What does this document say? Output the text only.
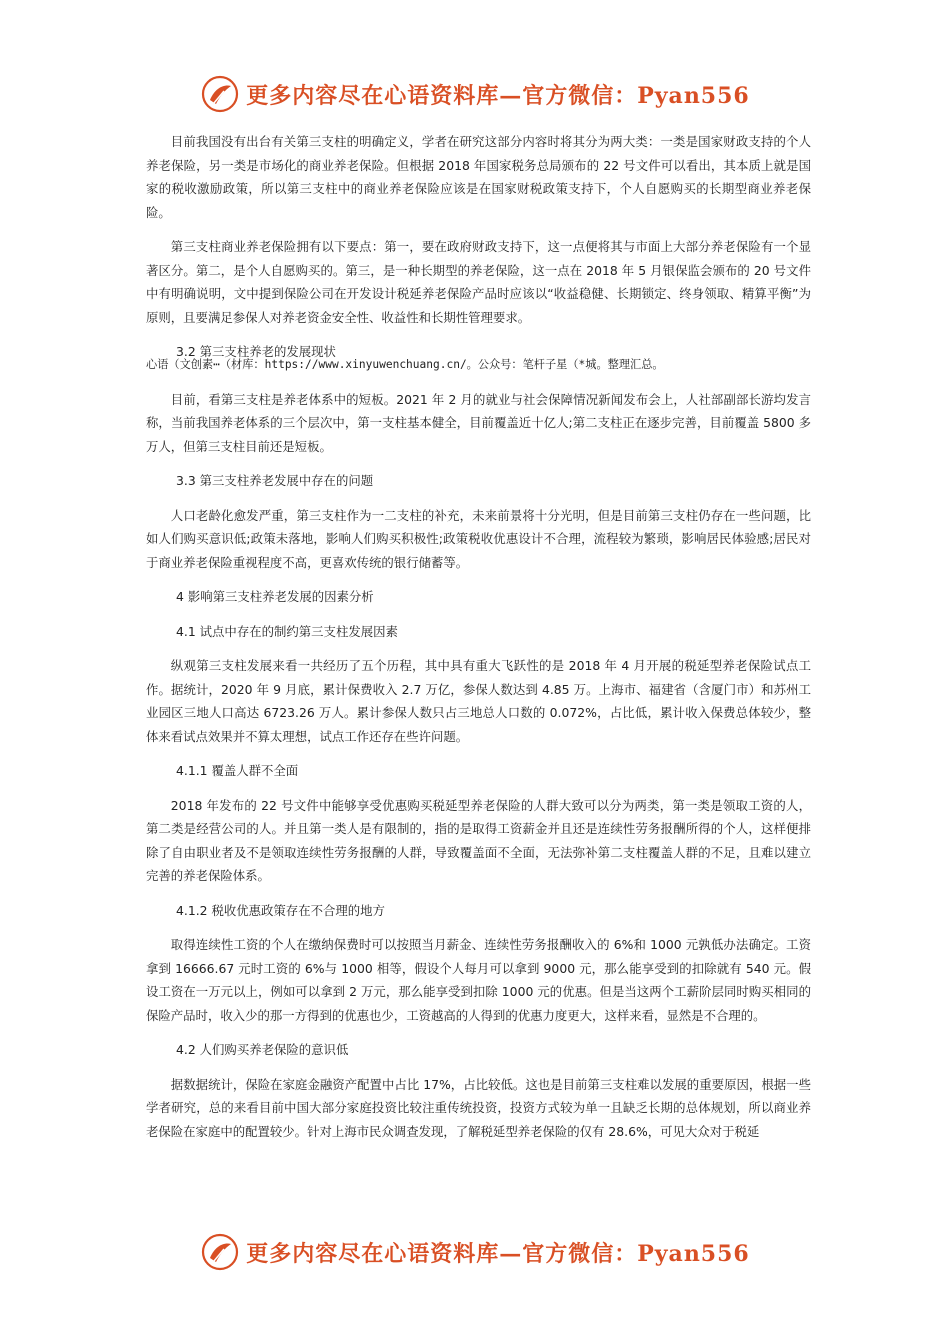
更多内容尽在心语资料库—官方微信：Pyan556

目前我国没有出台有关第三支柱的明确定义，学者在研究这部分内容时将其分为两大类：一类是国家财政支持的个人养老保险，另一类是市场化的商业养老保险。但根据 2018 年国家税务总局颁布的 22 号文件可以看出，其本质上就是国家的税收激励政策，所以第三支柱中的商业养老保险应该是在国家财税政策支持下，个人自愿购买的长期型商业养老保险。

第三支柱商业养老保险拥有以下要点：第一，要在政府财政支持下，这一点便将其与市面上大部分养老保险有一个显著区分。第二，是个人自愿购买的。第三，是一种长期型的养老保险，这一点在 2018 年 5 月银保监会颁布的 20 号文件中有明确说明，文中提到保险公司在开发设计税延养老保险产品时应该以“收益稳健、长期锁定、终身领取、精算平衡”为原则，且要满足参保人对养老资金安全性、收益性和长期性管理要求。

3.2 第三支柱养老的发展现状

目前，看第三支柱是养老体系中的短板。2021 年 2 月的就业与社会保障情况新闻发布会上，人社部副部长游均发言称，当前我国养老体系的三个层次中，第一支柱基本健全，目前覆盖近十亿人;第二支柱正在逐步完善，目前覆盖 5800 多万人，但第三支柱目前还是短板。

3.3 第三支柱养老发展中存在的问题

人口老龄化愈发严重，第三支柱作为一二支柱的补充，未来前景将十分光明，但是目前第三支柱仍存在一些问题，比如人们购买意识低;政策未落地，影响人们购买积极性;政策税收优惠设计不合理，流程较为繁琐，影响居民体验感;居民对于商业养老保险重视程度不高，更喜欢传统的银行储蓄等。

4 影响第三支柱养老发展的因素分析
4.1 试点中存在的制约第三支柱发展因素

纵观第三支柱发展来看一共经历了五个历程，其中具有重大飞跃性的是 2018 年 4 月开展的税延型养老保险试点工作。据统计，2020 年 9 月底，累计保费收入 2.7 万亿，参保人数达到 4.85 万。上海市、福建省（含厦门市）和苏州工业园区三地人口高达 6723.26 万人。累计参保人数只占三地总人口数的 0.072%，占比低，累计收入保费总体较少，整体来看试点效果并不算太理想，试点工作还存在些许问题。

4.1.1 覆盖人群不全面

2018 年发布的 22 号文件中能够享受优惠购买税延型养老保险的人群大致可以分为两类，第一类是领取工资的人，第二类是经营公司的人。并且第一类人是有限制的，指的是取得工资薪金并且还是连续性劳务报酬所得的个人，这样便排除了自由职业者及不是领取连续性劳务报酬的人群，导致覆盖面不全面，无法弥补第二支柱覆盖人群的不足，且难以建立完善的养老保险体系。

4.1.2 税收优惠政策存在不合理的地方

取得连续性工资的个人在缴纳保费时可以按照当月薪金、连续性劳务报酬收入的 6%和 1000 元孰低办法确定。工资拿到 16666.67 元时工资的 6%与 1000 相等，假设个人每月可以拿到 9000 元，那么能享受到的扣除就有 540 元。假设工资在一万元以上，例如可以拿到 2 万元，那么能享受到扣除 1000 元的优惠。但是当这两个工薪阶层同时购买相同的保险产品时，收入少的那一方得到的优惠也少，工资越高的人得到的优惠力度更大，这样来看，显然是不合理的。

4.2 人们购买养老保险的意识低

据数据统计，保险在家庭金融资产配置中占比 17%，占比较低。这也是目前第三支柱难以发展的重要原因，根据一些学者研究，总的来看目前中国大部分家庭投资比较注重传统投资，投资方式较为单一且缺乏长期的总体规划，所以商业养老保险在家庭中的配置较少。针对上海市民众调查发现，了解税延型养老保险的仅有 28.6%，可见大众对于税延

心语（文创素⋯（材库：https://www.xinyuwenchuang.cn/。公众号：笔杆子星（*城。整理汇总。
更多内容尽在心语资料库—官方微信：Pyan556
